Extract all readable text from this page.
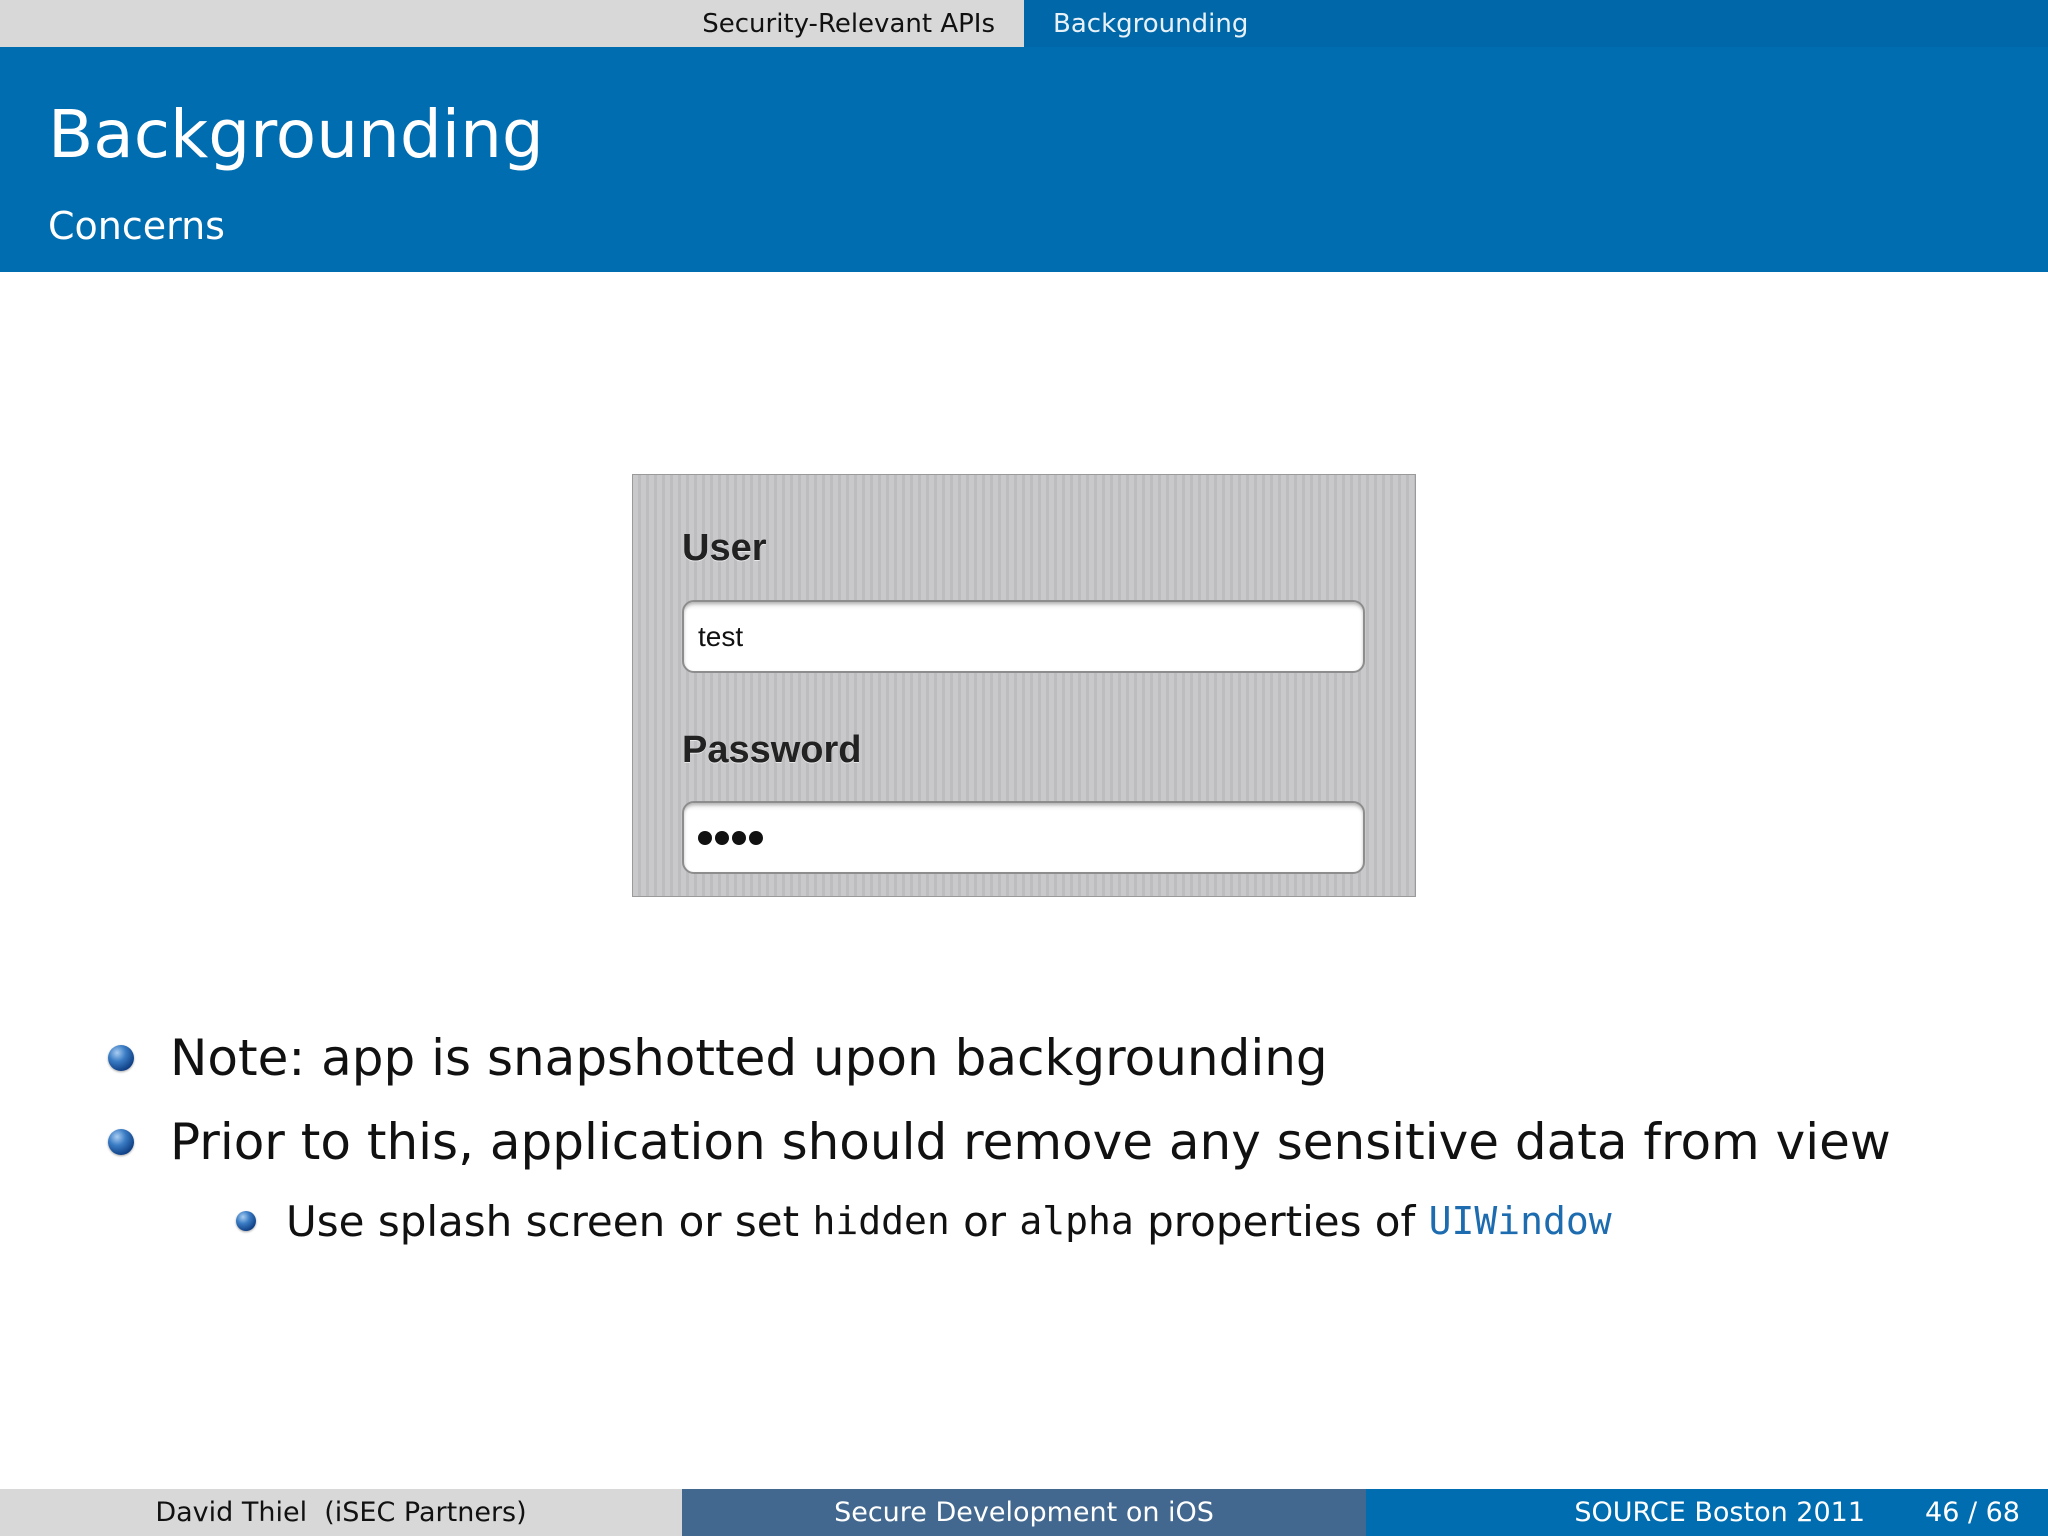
Security-Relevant APIs Backgrounding
Backgrounding
Concerns
User
test
Password
Note: app is snapshotted upon backgrounding
Prior to this, application should remove any sensitive data from view
Use splash screen or set hidden or alpha properties of UIWindow
David Thiel  (iSEC Partners)	Secure Development on iOS	SOURCE Boston 2011 46 / 68
